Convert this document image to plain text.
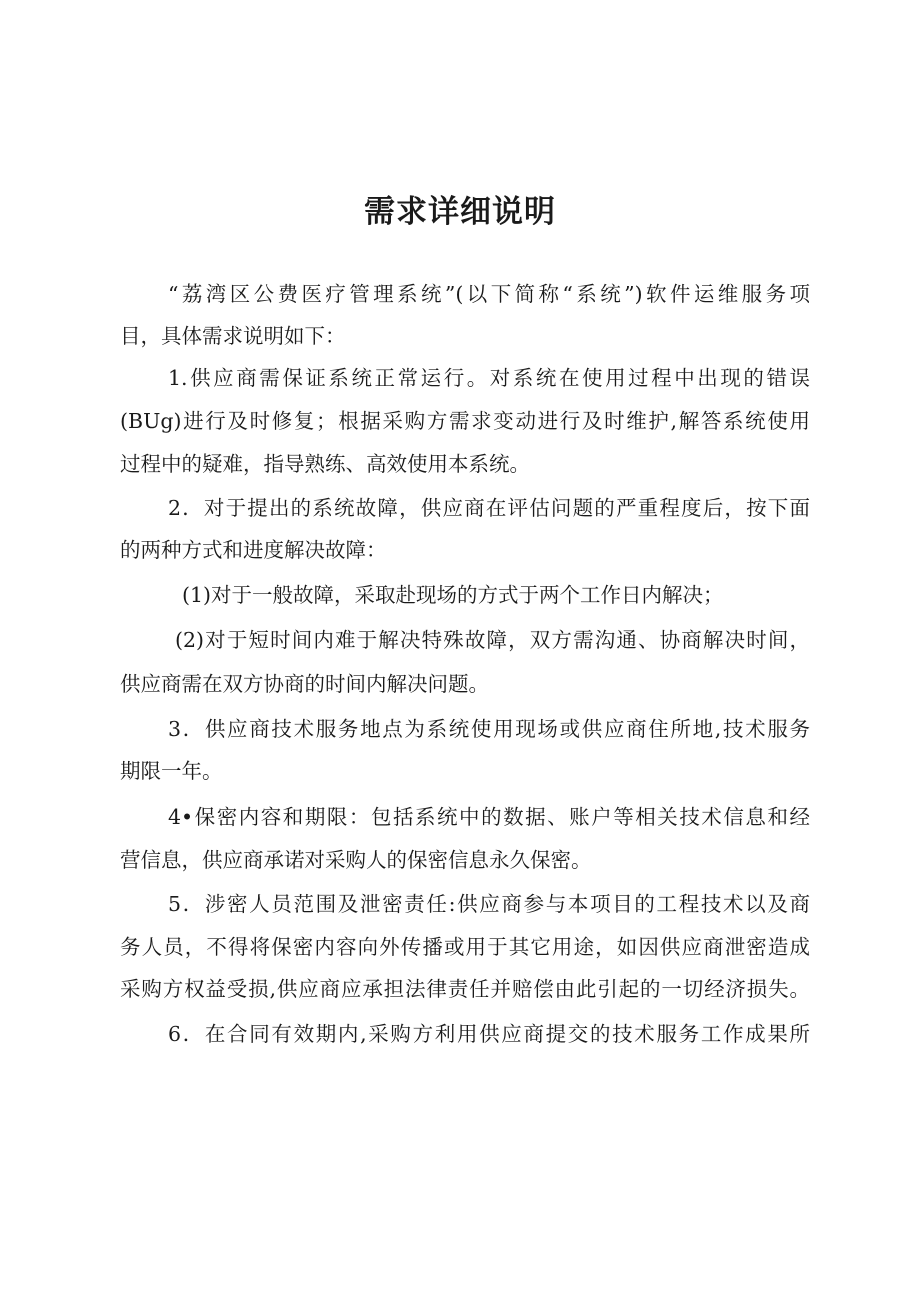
需求详细说明
“荔湾区公费医疗管理系统”(以下简称“系统”)软件运维服务项
目，具体需求说明如下：
1.供应商需保证系统正常运行。对系统在使用过程中出现的错误
(BUg)进行及时修复；根据采购方需求变动进行及时维护,解答系统使用
过程中的疑难，指导熟练、高效使用本系统。
2．对于提出的系统故障，供应商在评估问题的严重程度后，按下面
的两种方式和进度解决故障：
(1)对于一般故障，采取赴现场的方式于两个工作日内解决；
(2)对于短时间内难于解决特殊故障，双方需沟通、协商解决时间，
供应商需在双方协商的时间内解决问题。
3．供应商技术服务地点为系统使用现场或供应商住所地,技术服务
期限一年。
4•保密内容和期限：包括系统中的数据、账户等相关技术信息和经
营信息，供应商承诺对采购人的保密信息永久保密。
5．涉密人员范围及泄密责任:供应商参与本项目的工程技术以及商
务人员，不得将保密内容向外传播或用于其它用途，如因供应商泄密造成
采购方权益受损,供应商应承担法律责任并赔偿由此引起的一切经济损失。
6．在合同有效期内,采购方利用供应商提交的技术服务工作成果所
